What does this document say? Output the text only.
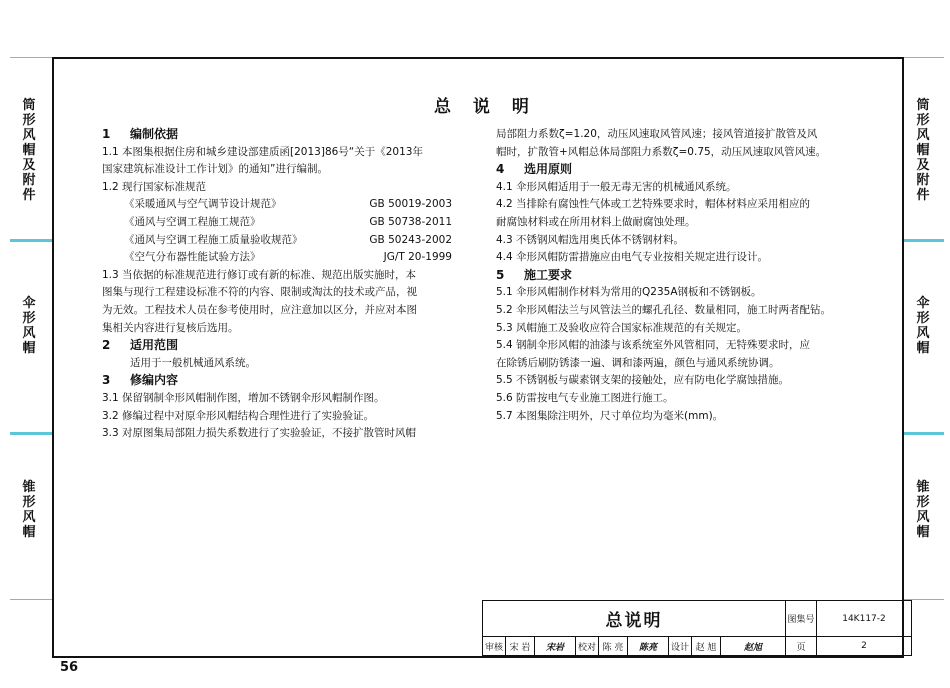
筒形风帽及附件
伞形风帽
锥形风帽
筒形风帽及附件
伞形风帽
锥形风帽
总 说 明
1 编制依据
1.1 本图集根据住房和城乡建设部建质函[2013]86号“关于《2013年
国家建筑标准设计工作计划》的通知”进行编制。
1.2 现行国家标准规范
《采暖通风与空气调节设计规范》	GB 50019-2003
《通风与空调工程施工规范》	GB 50738-2011
《通风与空调工程施工质量验收规范》	GB 50243-2002
《空气分布器性能试验方法》	JG/T 20-1999
1.3 当依据的标准规范进行修订或有新的标准、规范出版实施时，本
图集与现行工程建设标准不符的内容、限制或淘汰的技术或产品，视
为无效。工程技术人员在参考使用时，应注意加以区分，并应对本图
集相关内容进行复核后选用。
2 适用范围
适用于一般机械通风系统。
3 修编内容
3.1 保留钢制伞形风帽制作图，增加不锈钢伞形风帽制作图。
3.2 修编过程中对原伞形风帽结构合理性进行了实验验证。
3.3 对原图集局部阻力损失系数进行了实验验证，不接扩散管时风帽
局部阻力系数ζ=1.20，动压风速取风管风速；接风管道接扩散管及风
帽时，扩散管+风帽总体局部阻力系数ζ=0.75，动压风速取风管风速。
4 选用原则
4.1 伞形风帽适用于一般无毒无害的机械通风系统。
4.2 当排除有腐蚀性气体或工艺特殊要求时，帽体材料应采用相应的
耐腐蚀材料或在所用材料上做耐腐蚀处理。
4.3 不锈钢风帽选用奥氏体不锈钢材料。
4.4 伞形风帽防雷措施应由电气专业按相关规定进行设计。
5 施工要求
5.1 伞形风帽制作材料为常用的Q235A钢板和不锈钢板。
5.2 伞形风帽法兰与风管法兰的螺孔孔径、数量相同，施工时两者配钻。
5.3 风帽施工及验收应符合国家标准规范的有关规定。
5.4 钢制伞形风帽的油漆与该系统室外风管相同，无特殊要求时，应
在除锈后刷防锈漆一遍、调和漆两遍，颜色与通风系统协调。
5.5 不锈钢板与碳素钢支架的接触处，应有防电化学腐蚀措施。
5.6 防雷按电气专业施工图进行施工。
5.7 本图集除注明外，尺寸单位均为毫米(mm)。
总说明									图集号	14K117-2
审核	宋 岩	宋岩	校对	陈 亮	陈亮	设计	赵 旭	赵旭	页	2
56
